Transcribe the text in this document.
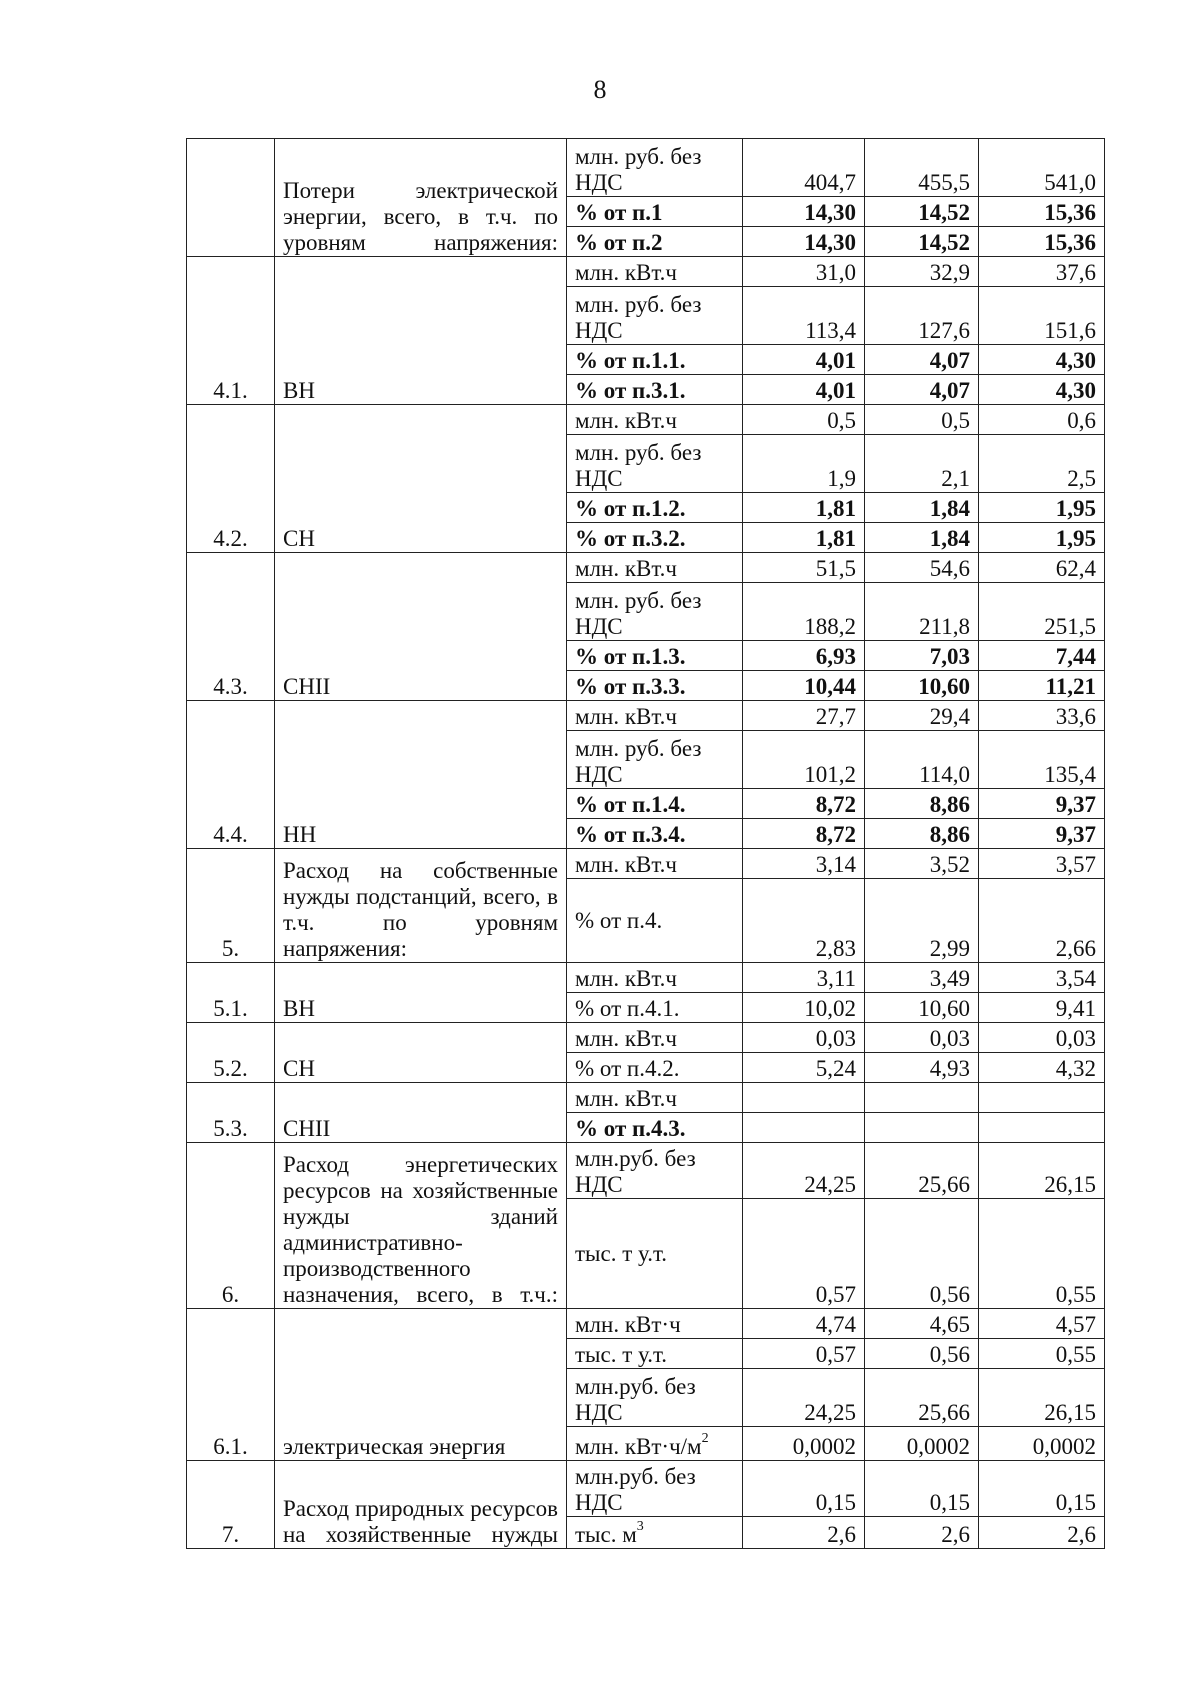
8
	Потери электрической энергии, всего, в т.ч. по уровням напряжения:	млн. руб. без НДС	404,7	455,5	541,0
		% от п.1	14,30	14,52	15,36
		% от п.2	14,30	14,52	15,36
4.1.	ВН	млн. кВт.ч	31,0	32,9	37,6
		млн. руб. без НДС	113,4	127,6	151,6
		% от п.1.1.	4,01	4,07	4,30
		% от п.3.1.	4,01	4,07	4,30
4.2.	СН	млн. кВт.ч	0,5	0,5	0,6
		млн. руб. без НДС	1,9	2,1	2,5
		% от п.1.2.	1,81	1,84	1,95
		% от п.3.2.	1,81	1,84	1,95
4.3.	СНII	млн. кВт.ч	51,5	54,6	62,4
		млн. руб. без НДС	188,2	211,8	251,5
		% от п.1.3.	6,93	7,03	7,44
		% от п.3.3.	10,44	10,60	11,21
4.4.	НН	млн. кВт.ч	27,7	29,4	33,6
		млн. руб. без НДС	101,2	114,0	135,4
		% от п.1.4.	8,72	8,86	9,37
		% от п.3.4.	8,72	8,86	9,37
5.	Расход на собственные нужды подстанций, всего, в т.ч. по уровням напряжения:	млн. кВт.ч	3,14	3,52	3,57
		% от п.4.	2,83	2,99	2,66
5.1.	ВН	млн. кВт.ч	3,11	3,49	3,54
		% от п.4.1.	10,02	10,60	9,41
5.2.	СН	млн. кВт.ч	0,03	0,03	0,03
		% от п.4.2.	5,24	4,93	4,32
5.3.	СНII	млн. кВт.ч			
		% от п.4.3.			
6.	Расход энергетических ресурсов на хозяйственные нужды зданий административно-производственного назначения, всего, в т.ч.:	млн.руб. без НДС	24,25	25,66	26,15
		тыс. т у.т.	0,57	0,56	0,55
6.1.	электрическая энергия	млн. кВт·ч	4,74	4,65	4,57
		тыс. т у.т.	0,57	0,56	0,55
		млн.руб. без НДС	24,25	25,66	26,15
		млн. $кВт\cdot ч/м^2$	0,0002	0,0002	0,0002
7.	Расход природных ресурсов на хозяйственные нужды	млн.руб. без НДС	0,15	0,15	0,15
		тыс. $м^3$	2,6	2,6	2,6
